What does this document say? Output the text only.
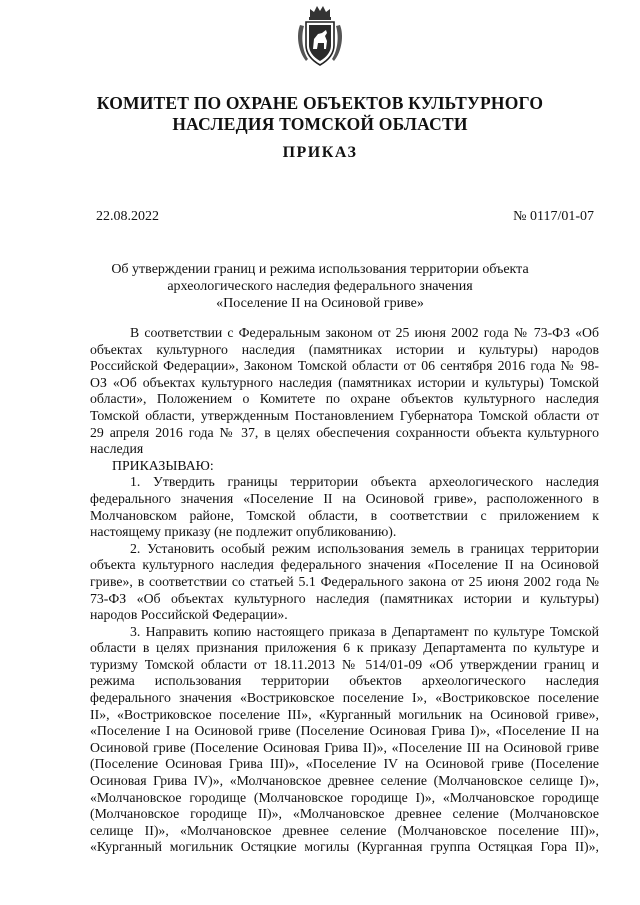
КОМИТЕТ ПО ОХРАНЕ ОБЪЕКТОВ КУЛЬТУРНОГО
НАСЛЕДИЯ ТОМСКОЙ ОБЛАСТИ
ПРИКАЗ
22.08.2022	№ 0117/01-07
Об утверждении границ и режима использования территории объекта
археологического наследия федерального значения
«Поселение II на Осиновой гриве»

В соответствии с Федеральным законом от 25 июня 2002 года № 73-ФЗ «Об

объектах культурного наследия (памятниках истории и культуры) народов

Российской Федерации», Законом Томской области от 06 сентября 2016 года № 98-

ОЗ «Об объектах культурного наследия (памятниках истории и культуры) Томской

области», Положением о Комитете по охране объектов культурного наследия

Томской области, утвержденным Постановлением Губернатора Томской области от

29 апреля 2016 года № 37, в целях обеспечения сохранности объекта культурного

наследия

ПРИКАЗЫВАЮ:

1. Утвердить границы территории объекта археологического наследия

федерального значения «Поселение II на Осиновой гриве», расположенного в

Молчановском районе, Томской области, в соответствии с приложением к

настоящему приказу (не подлежит опубликованию).

2. Установить особый режим использования земель в границах территории

объекта культурного наследия федерального значения «Поселение II на Осиновой

гриве», в соответствии со статьей 5.1 Федерального закона от 25 июня 2002 года №

73-ФЗ «Об объектах культурного наследия (памятниках истории и культуры)

народов Российской Федерации».

3. Направить копию настоящего приказа в Департамент по культуре Томской

области в целях признания приложения 6 к приказу Департамента по культуре и

туризму Томской области от 18.11.2013 № 514/01-09 «Об утверждении границ и

режима использования территории объектов археологического наследия

федерального значения «Востриковское поселение I», «Востриковское поселение

II», «Востриковское поселение III», «Курганный могильник на Осиновой гриве»,

«Поселение I на Осиновой гриве (Поселение Осиновая Грива I)», «Поселение II на

Осиновой гриве (Поселение Осиновая Грива II)», «Поселение III на Осиновой гриве

(Поселение Осиновая Грива III)», «Поселение IV на Осиновой гриве (Поселение

Осиновая Грива IV)», «Молчановское древнее селение (Молчановское селище I)»,

«Молчановское городище (Молчановское городище I)», «Молчановское городище

(Молчановское городище II)», «Молчановское древнее селение (Молчановское

селище II)», «Молчановское древнее селение (Молчановское поселение III)»,

«Курганный могильник Остяцкие могилы (Курганная группа Остяцкая Гора II)»,
